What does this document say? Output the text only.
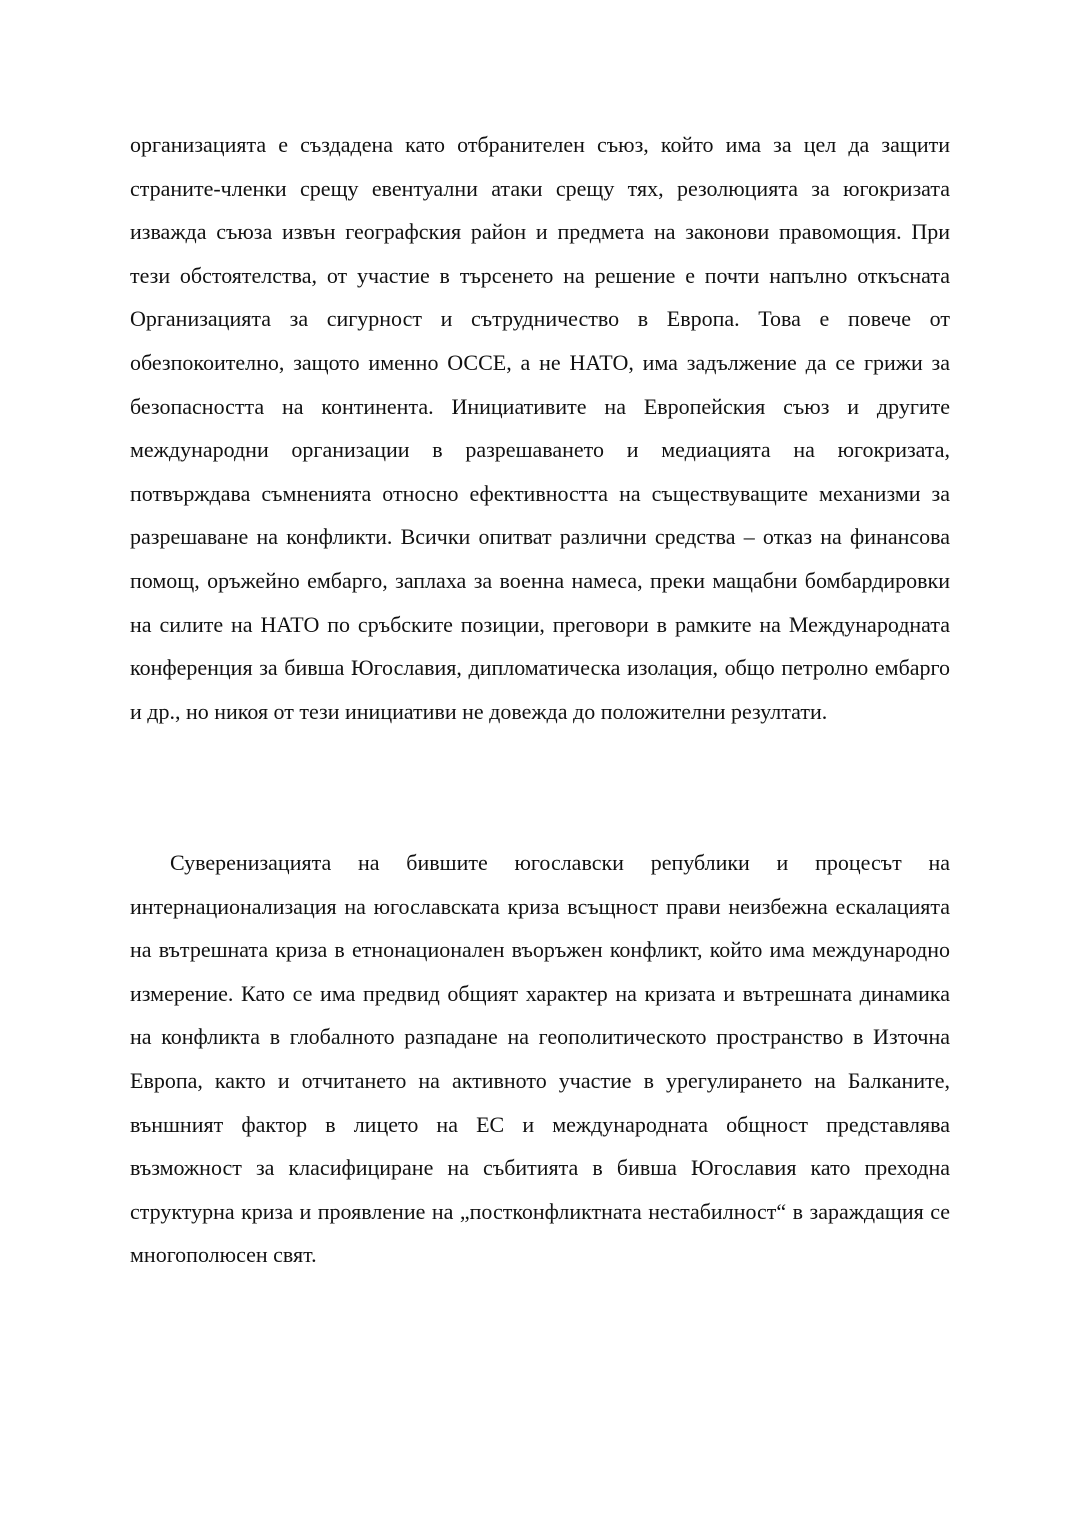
организацията е създадена като отбранителен съюз, който има за цел да защити страните-членки срещу евентуални атаки срещу тях, резолюцията за югокризата изважда съюза извън географския район и предмета на законови правомощия. При тези обстоятелства, от участие в търсенето на решение е почти напълно откъсната Организацията за сигурност и сътрудничество в Европа. Това е повече от обезпокоително, защото именно ОССЕ, а не НАТО, има задължение да се грижи за безопасността на континента. Инициативите на Европейския съюз и другите международни организации в разрешаването и медиацията на югокризата, потвърждава съмненията относно ефективността на съществуващите механизми за разрешаване на конфликти. Всички опитват различни средства – отказ на финансова помощ, оръжейно ембарго, заплаха за военна намеса, преки мащабни бомбардировки на силите на НАТО по сръбските позиции, преговори в рамките на Международната конференция за бивша Югославия, дипломатическа изолация, общо петролно ембарго и др., но никоя от тези инициативи не довежда до положителни резултати.

Суверенизацията на бившите югославски републики и процесът на интернационализация на югославската криза всъщност прави неизбежна ескалацията на вътрешната криза в етнонационален въоръжен конфликт, който има международно измерение. Като се има предвид общият характер на кризата и вътрешната динамика на конфликта в глобалното разпадане на геополитическото пространство в Източна Европа, както и отчитането на активното участие в урегулирането на Балканите, външният фактор в лицето на ЕС и международната общност представлява възможност за класифициране на събитията в бивша Югославия като преходна структурна криза и проявление на „постконфликтната нестабилност“ в зараждащия се многополюсен свят.
